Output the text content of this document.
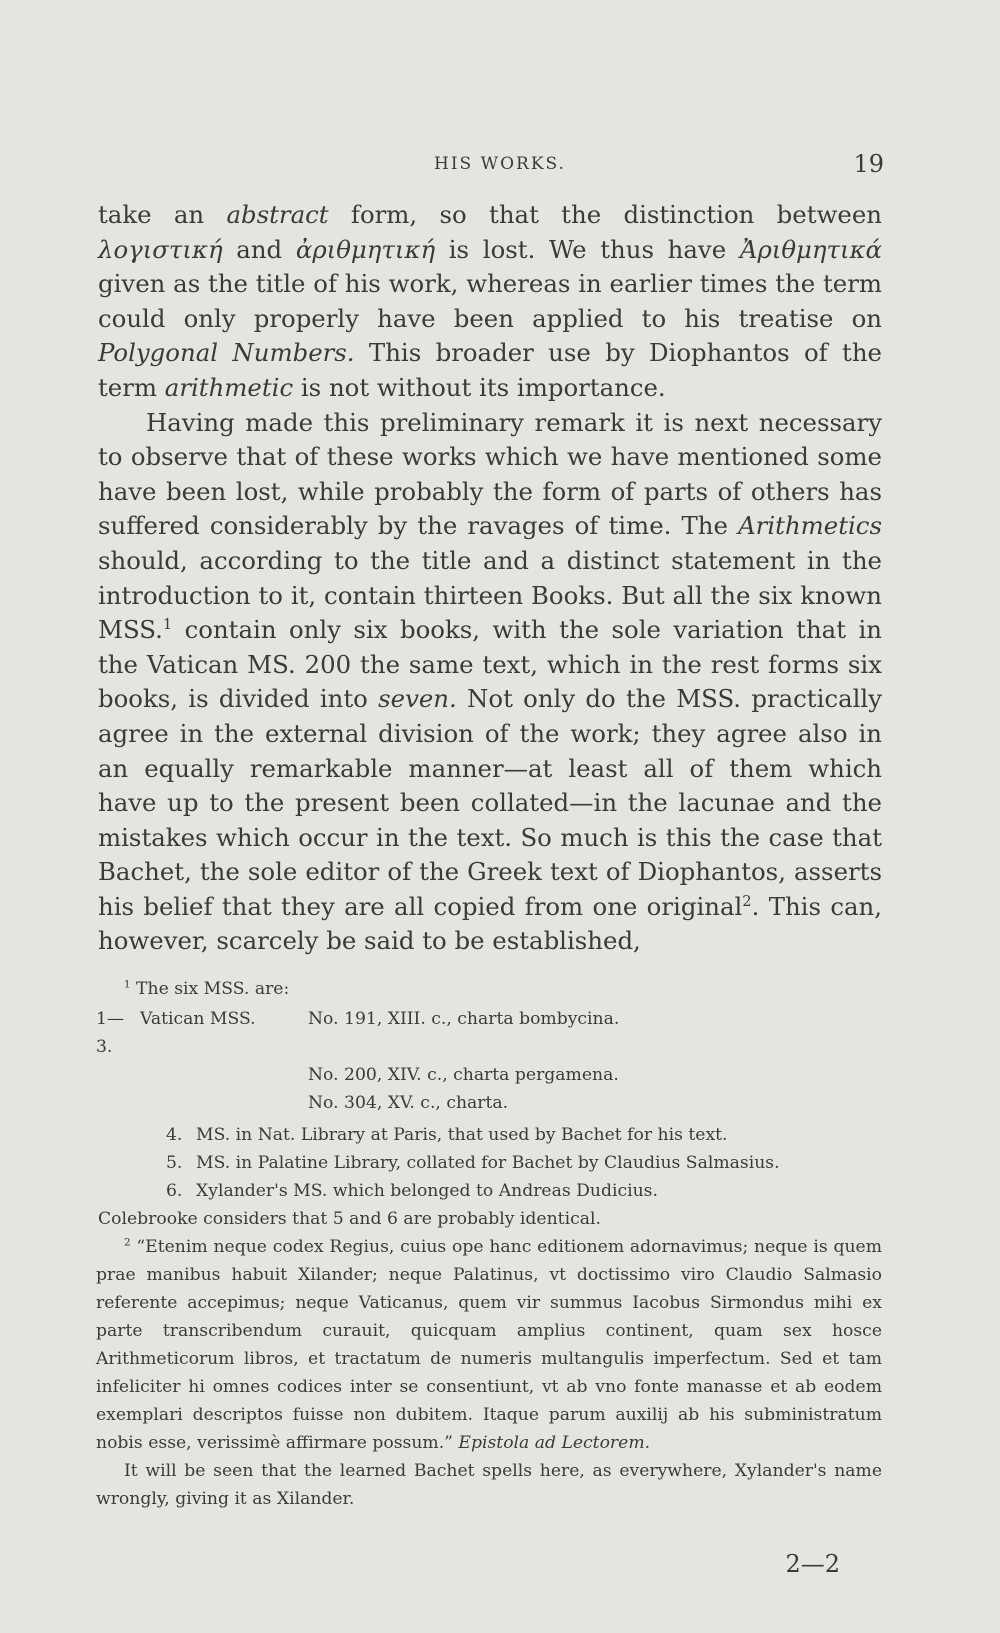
HIS WORKS.	19

take an abstract form, so that the distinction between λογιστική and ἀριθμητική is lost. We thus have Ἀριθμητικά given as the title of his work, whereas in earlier times the term could only properly have been applied to his treatise on Polygonal Numbers. This broader use by Diophantos of the term arithmetic is not without its importance.

Having made this preliminary remark it is next necessary to observe that of these works which we have mentioned some have been lost, while probably the form of parts of others has suffered considerably by the ravages of time. The Arithmetics should, according to the title and a distinct statement in the introduction to it, contain thirteen Books. But all the six known MSS.$^1$ contain only six books, with the sole variation that in the Vatican MS. 200 the same text, which in the rest forms six books, is divided into seven. Not only do the MSS. practically agree in the external division of the work; they agree also in an equally remarkable manner—at least all of them which have up to the present been collated—in the lacunae and the mistakes which occur in the text. So much is this the case that Bachet, the sole editor of the Greek text of Diophantos, asserts his belief that they are all copied from one original$^2$. This can, however, scarcely be said to be established,

$^1$ The six MSS. are:

1—3.
Vatican MSS.	No. 191, XIII. c., charta bombycina.
No. 200, XIV. c., charta pergamena.
No. 304, XV. c., charta.
4. MS. in Nat. Library at Paris, that used by Bachet for his text.
5. MS. in Palatine Library, collated for Bachet by Claudius Salmasius.
6. Xylander's MS. which belonged to Andreas Dudicius.

Colebrooke considers that 5 and 6 are probably identical.

$^2$ “Etenim neque codex Regius, cuius ope hanc editionem adornavimus; neque is quem prae manibus habuit Xilander; neque Palatinus, vt doctissimo viro Claudio Salmasio referente accepimus; neque Vaticanus, quem vir summus Iacobus Sirmondus mihi ex parte transcribendum curauit, quicquam amplius continent, quam sex hosce Arithmeticorum libros, et tractatum de numeris multangulis imperfectum. Sed et tam infeliciter hi omnes codices inter se consentiunt, vt ab vno fonte manasse et ab eodem exemplari descriptos fuisse non dubitem. Itaque parum auxilij ab his subministratum nobis esse, verissimè affirmare possum.” Epistola ad Lectorem.

It will be seen that the learned Bachet spells here, as everywhere, Xylander's name wrongly, giving it as Xilander.

2—2
